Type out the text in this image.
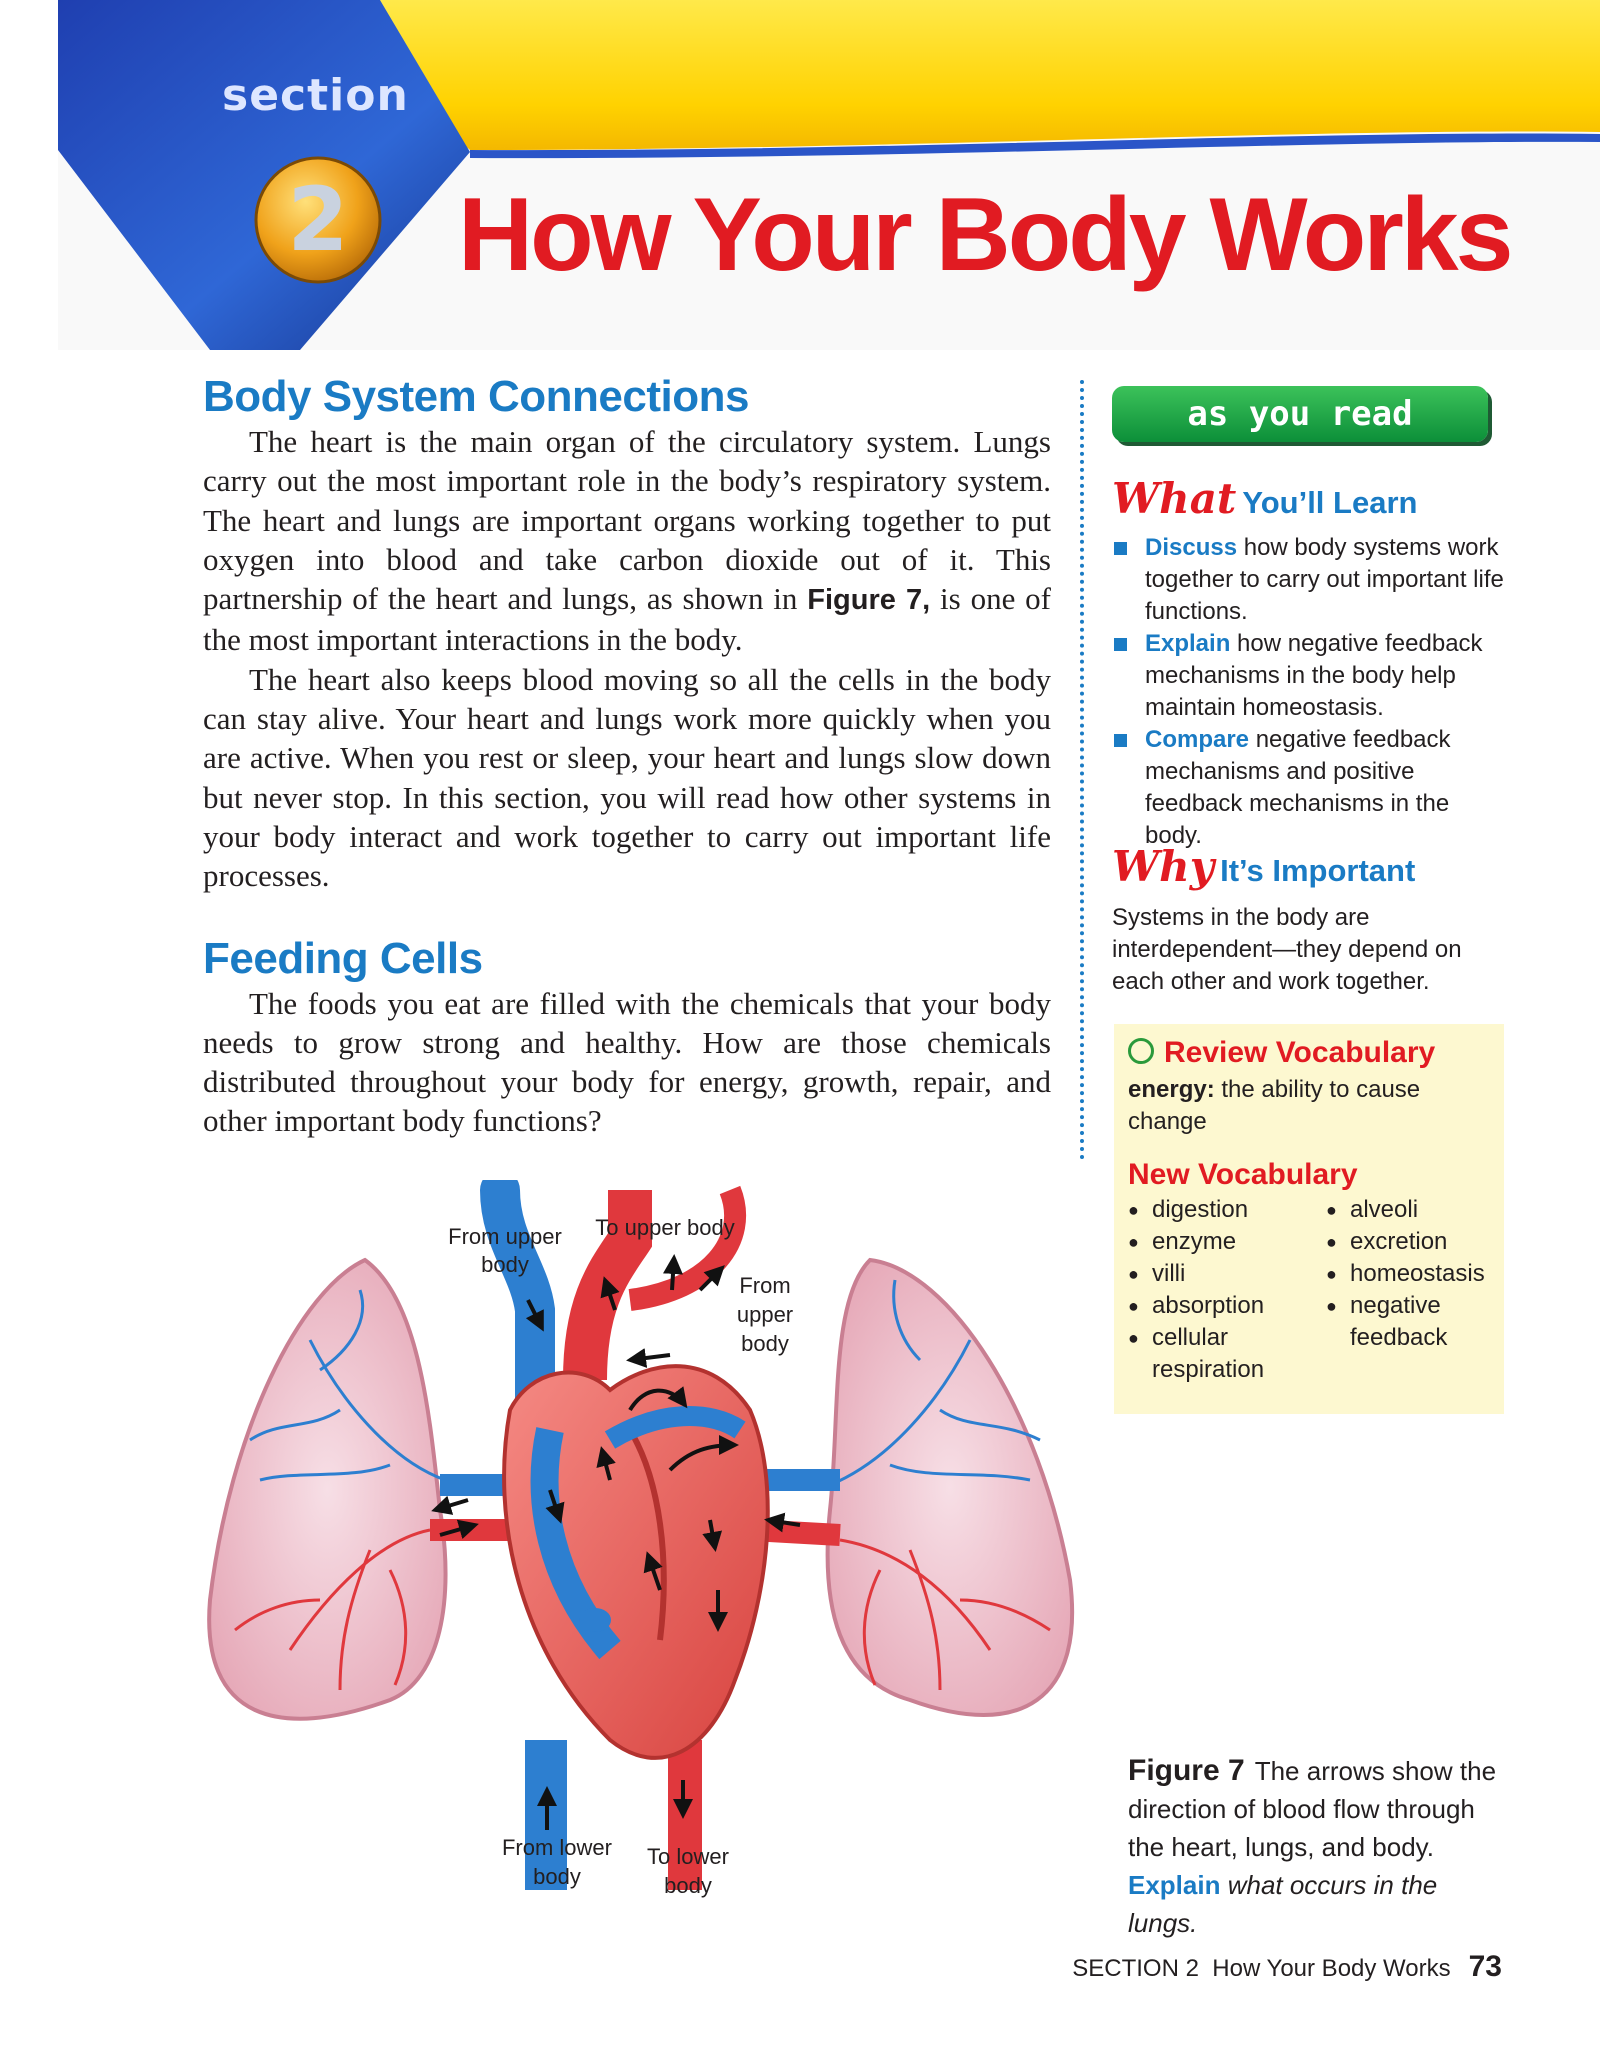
section
2 How Your Body Works
Body System Connections

The heart is the main organ of the circulatory system. Lungs carry out the most important role in the body’s respiratory system. The heart and lungs are important organs working together to put oxygen into blood and take carbon dioxide out of it. This partnership of the heart and lungs, as shown in Figure 7, is one of the most important interactions in the body.

The heart also keeps blood moving so all the cells in the body can stay alive. Your heart and lungs work more quickly when you are active. When you rest or sleep, your heart and lungs slow down but never stop. In this section, you will read how other systems in your body interact and work together to carry out important life processes.

Feeding Cells

The foods you eat are filled with the chemicals that your body needs to grow strong and healthy. How are those chemicals distributed throughout your body for energy, growth, repair, and other important body functions?

as you read
What You’ll Learn
Discuss how body systems work together to carry out important life functions.
Explain how negative feedback mechanisms in the body help maintain homeostasis.
Compare negative feedback mechanisms and positive feedback mechanisms in the body.
Why It’s Important
Systems in the body are interdependent—they depend on each other and work together.
Review Vocabulary
energy: the ability to cause change
New Vocabulary
● digestion
● enzyme
● villi
● absorption
● cellular respiration
● alveoli
● excretion
● homeostasis
● negative feedback
From upper
body
To upper body
From
upper
body
From lower
body
To lower
body
Figure 7 The arrows show the direction of blood flow through the heart, lungs, and body. Explain what occurs in the lungs.
SECTION 2  How Your Body Works 73
